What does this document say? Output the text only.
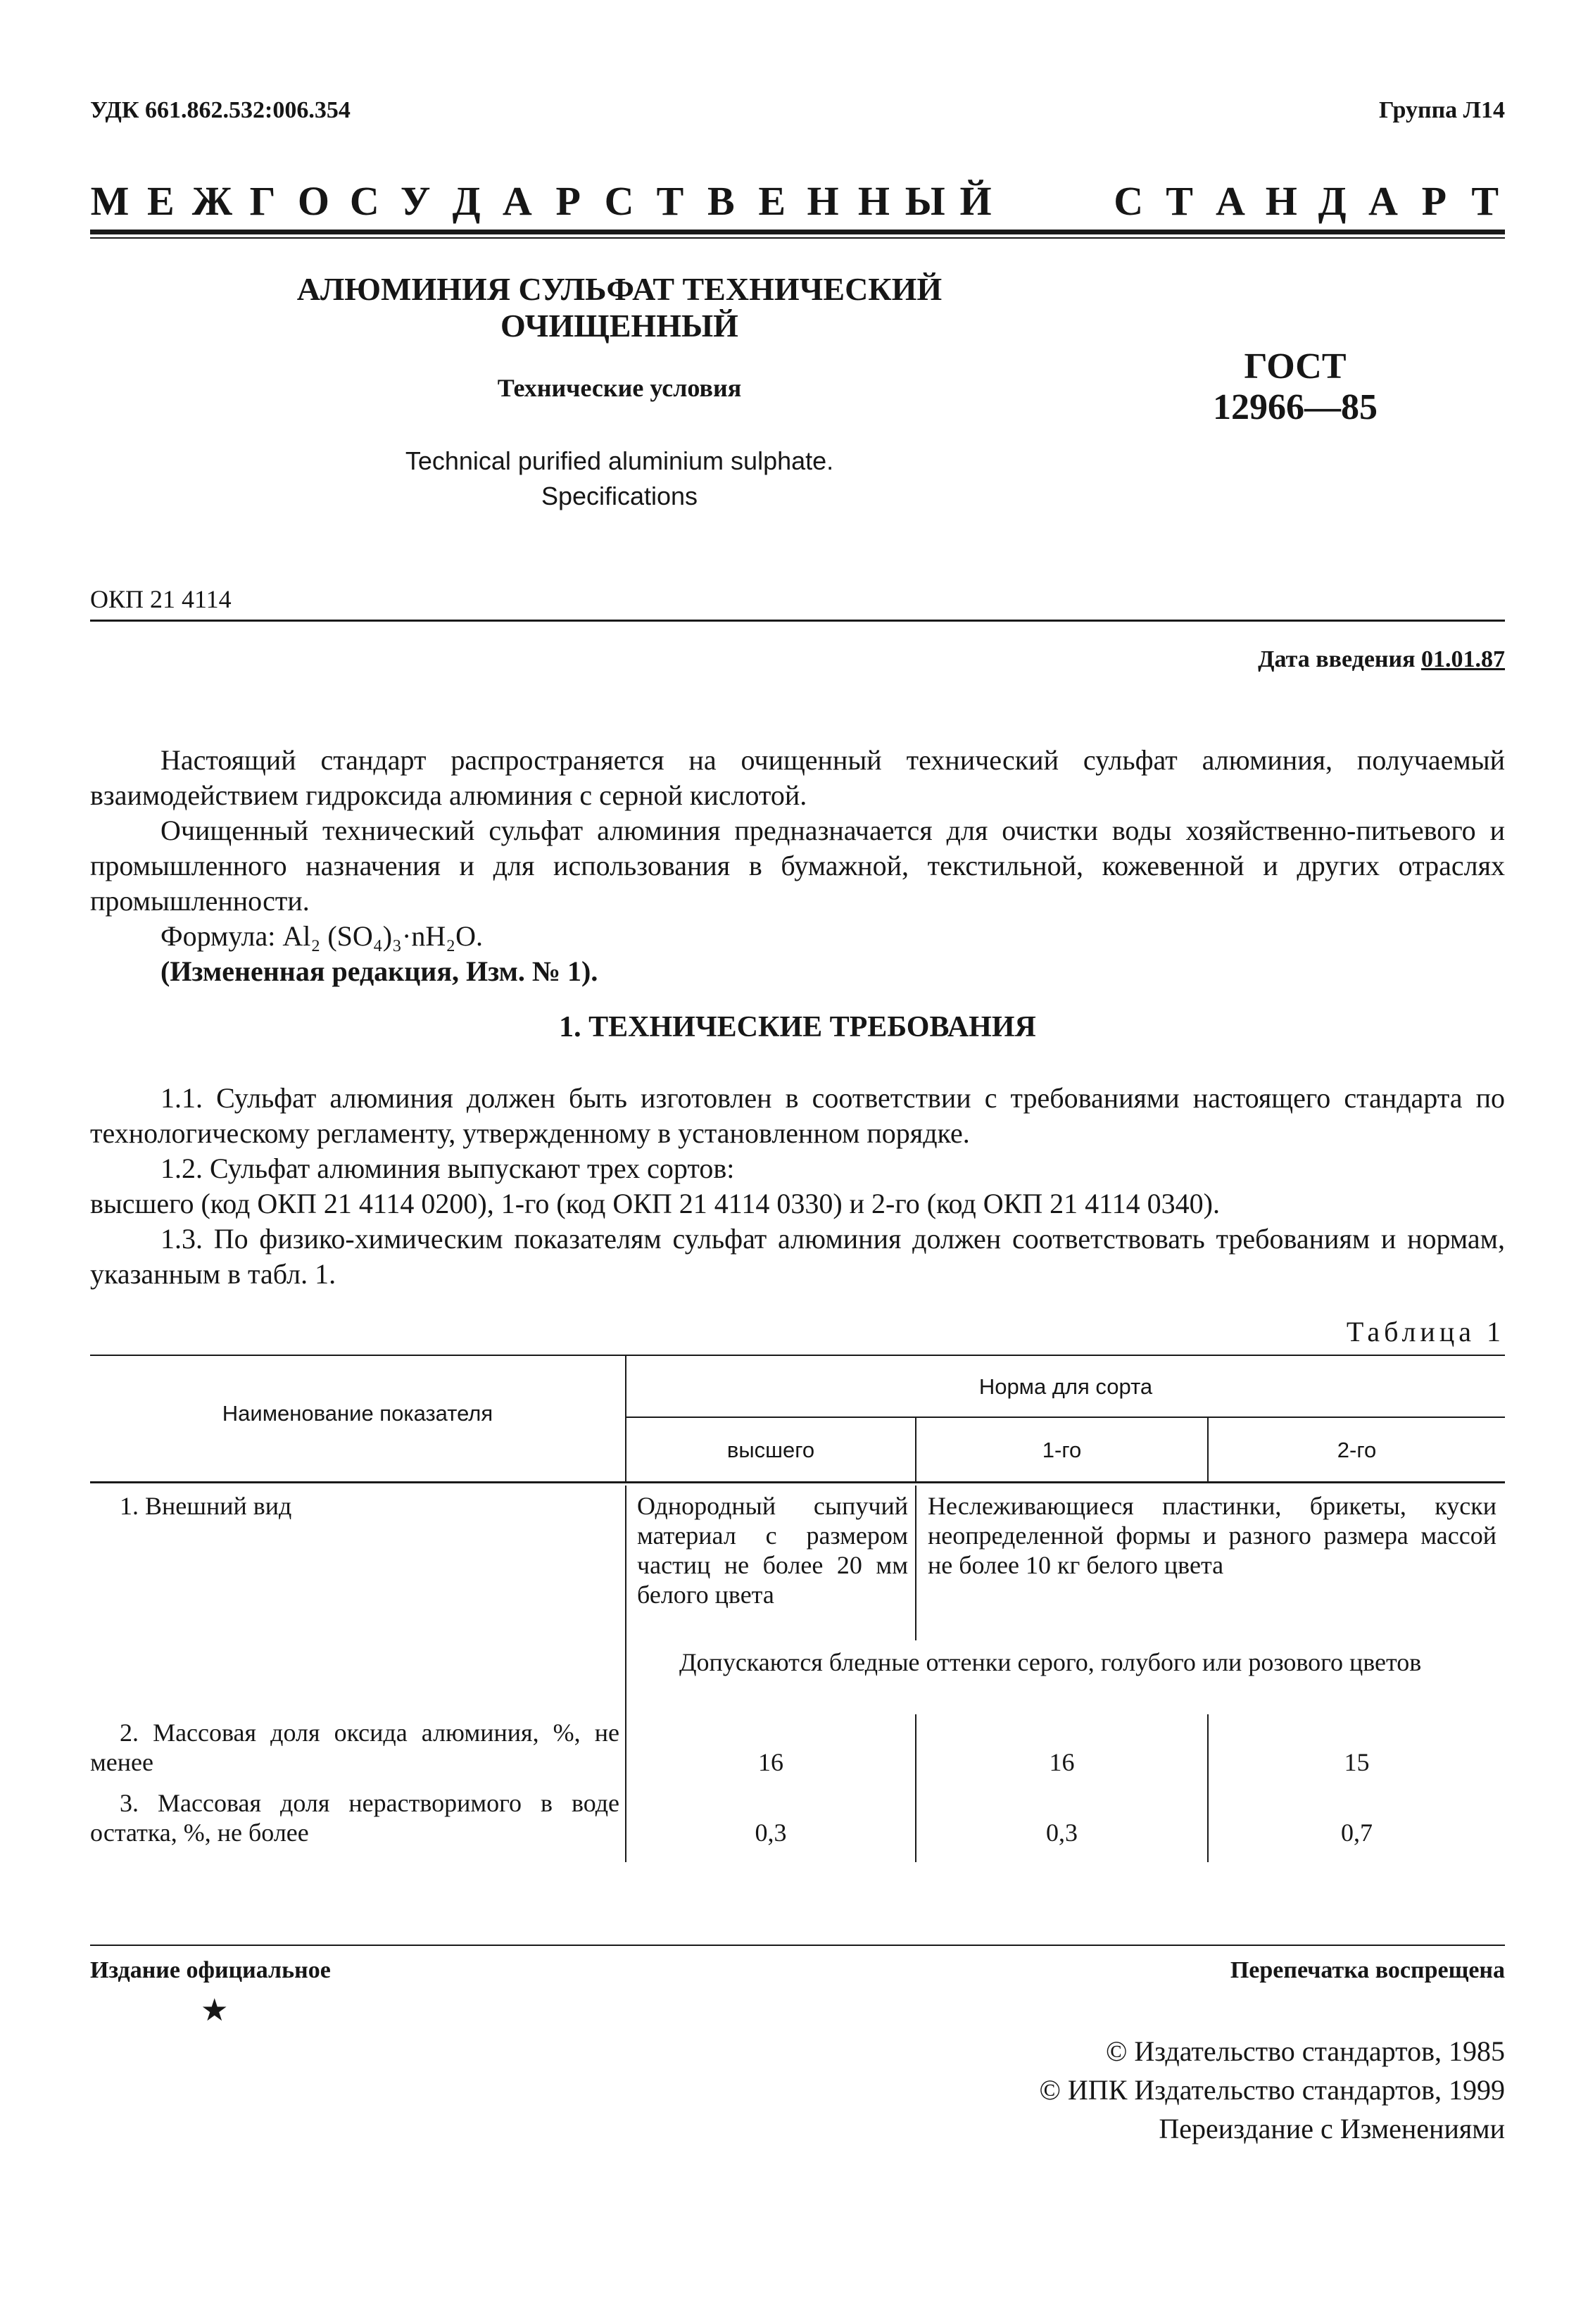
УДК 661.862.532:006.354	Группа Л14
М Е Ж Г О С У Д А Р С Т В Е Н Н Ы Й	С Т А Н Д А Р Т
АЛЮМИНИЯ СУЛЬФАТ ТЕХНИЧЕСКИЙ
ОЧИЩЕННЫЙ
Технические условия
Technical purified aluminium sulphate.
Specifications
ГОСТ
12966—85
ОКП 21 4114
Дата введения 01.01.87
Настоящий стандарт распространяется на очищенный технический сульфат алюминия, получаемый взаимодействием гидроксида алюминия с серной кислотой.
Очищенный технический сульфат алюминия предназначается для очистки воды хозяйственно-питьевого и промышленного назначения и для использования в бумажной, текстильной, кожевенной и других отраслях промышленности.
Формула: Al₂ (SO₄)₃·nH₂O.
(Измененная редакция, Изм. № 1).
1. ТЕХНИЧЕСКИЕ ТРЕБОВАНИЯ
1.1. Сульфат алюминия должен быть изготовлен в соответствии с требованиями настоящего стандарта по технологическому регламенту, утвержденному в установленном порядке.
1.2. Сульфат алюминия выпускают трех сортов:
высшего (код ОКП 21 4114 0200), 1-го (код ОКП 21 4114 0330) и 2-го (код ОКП 21 4114 0340).
1.3. По физико-химическим показателям сульфат алюминия должен соответствовать требованиям и нормам, указанным в табл. 1.
Таблица 1
Наименование показателя
Норма для сорта
высшего	1-го	2-го
1. Внешний вид	Однородный сыпучий материал с размером частиц не более 20 мм белого цвета
Неслеживающиеся пластинки, брикеты, куски неопределенной формы и разного размера массой не более 10 кг белого цвета
Допускаются бледные оттенки серого, голубого или розового цветов
2. Массовая доля оксида алюминия, %, не менее	16	16	15
3. Массовая доля нерастворимого в воде остатка, %, не более	0,3	0,3	0,7
Издание официальное
★
Перепечатка воспрещена
© Издательство стандартов, 1985
© ИПК Издательство стандартов, 1999
Переиздание с Изменениями
